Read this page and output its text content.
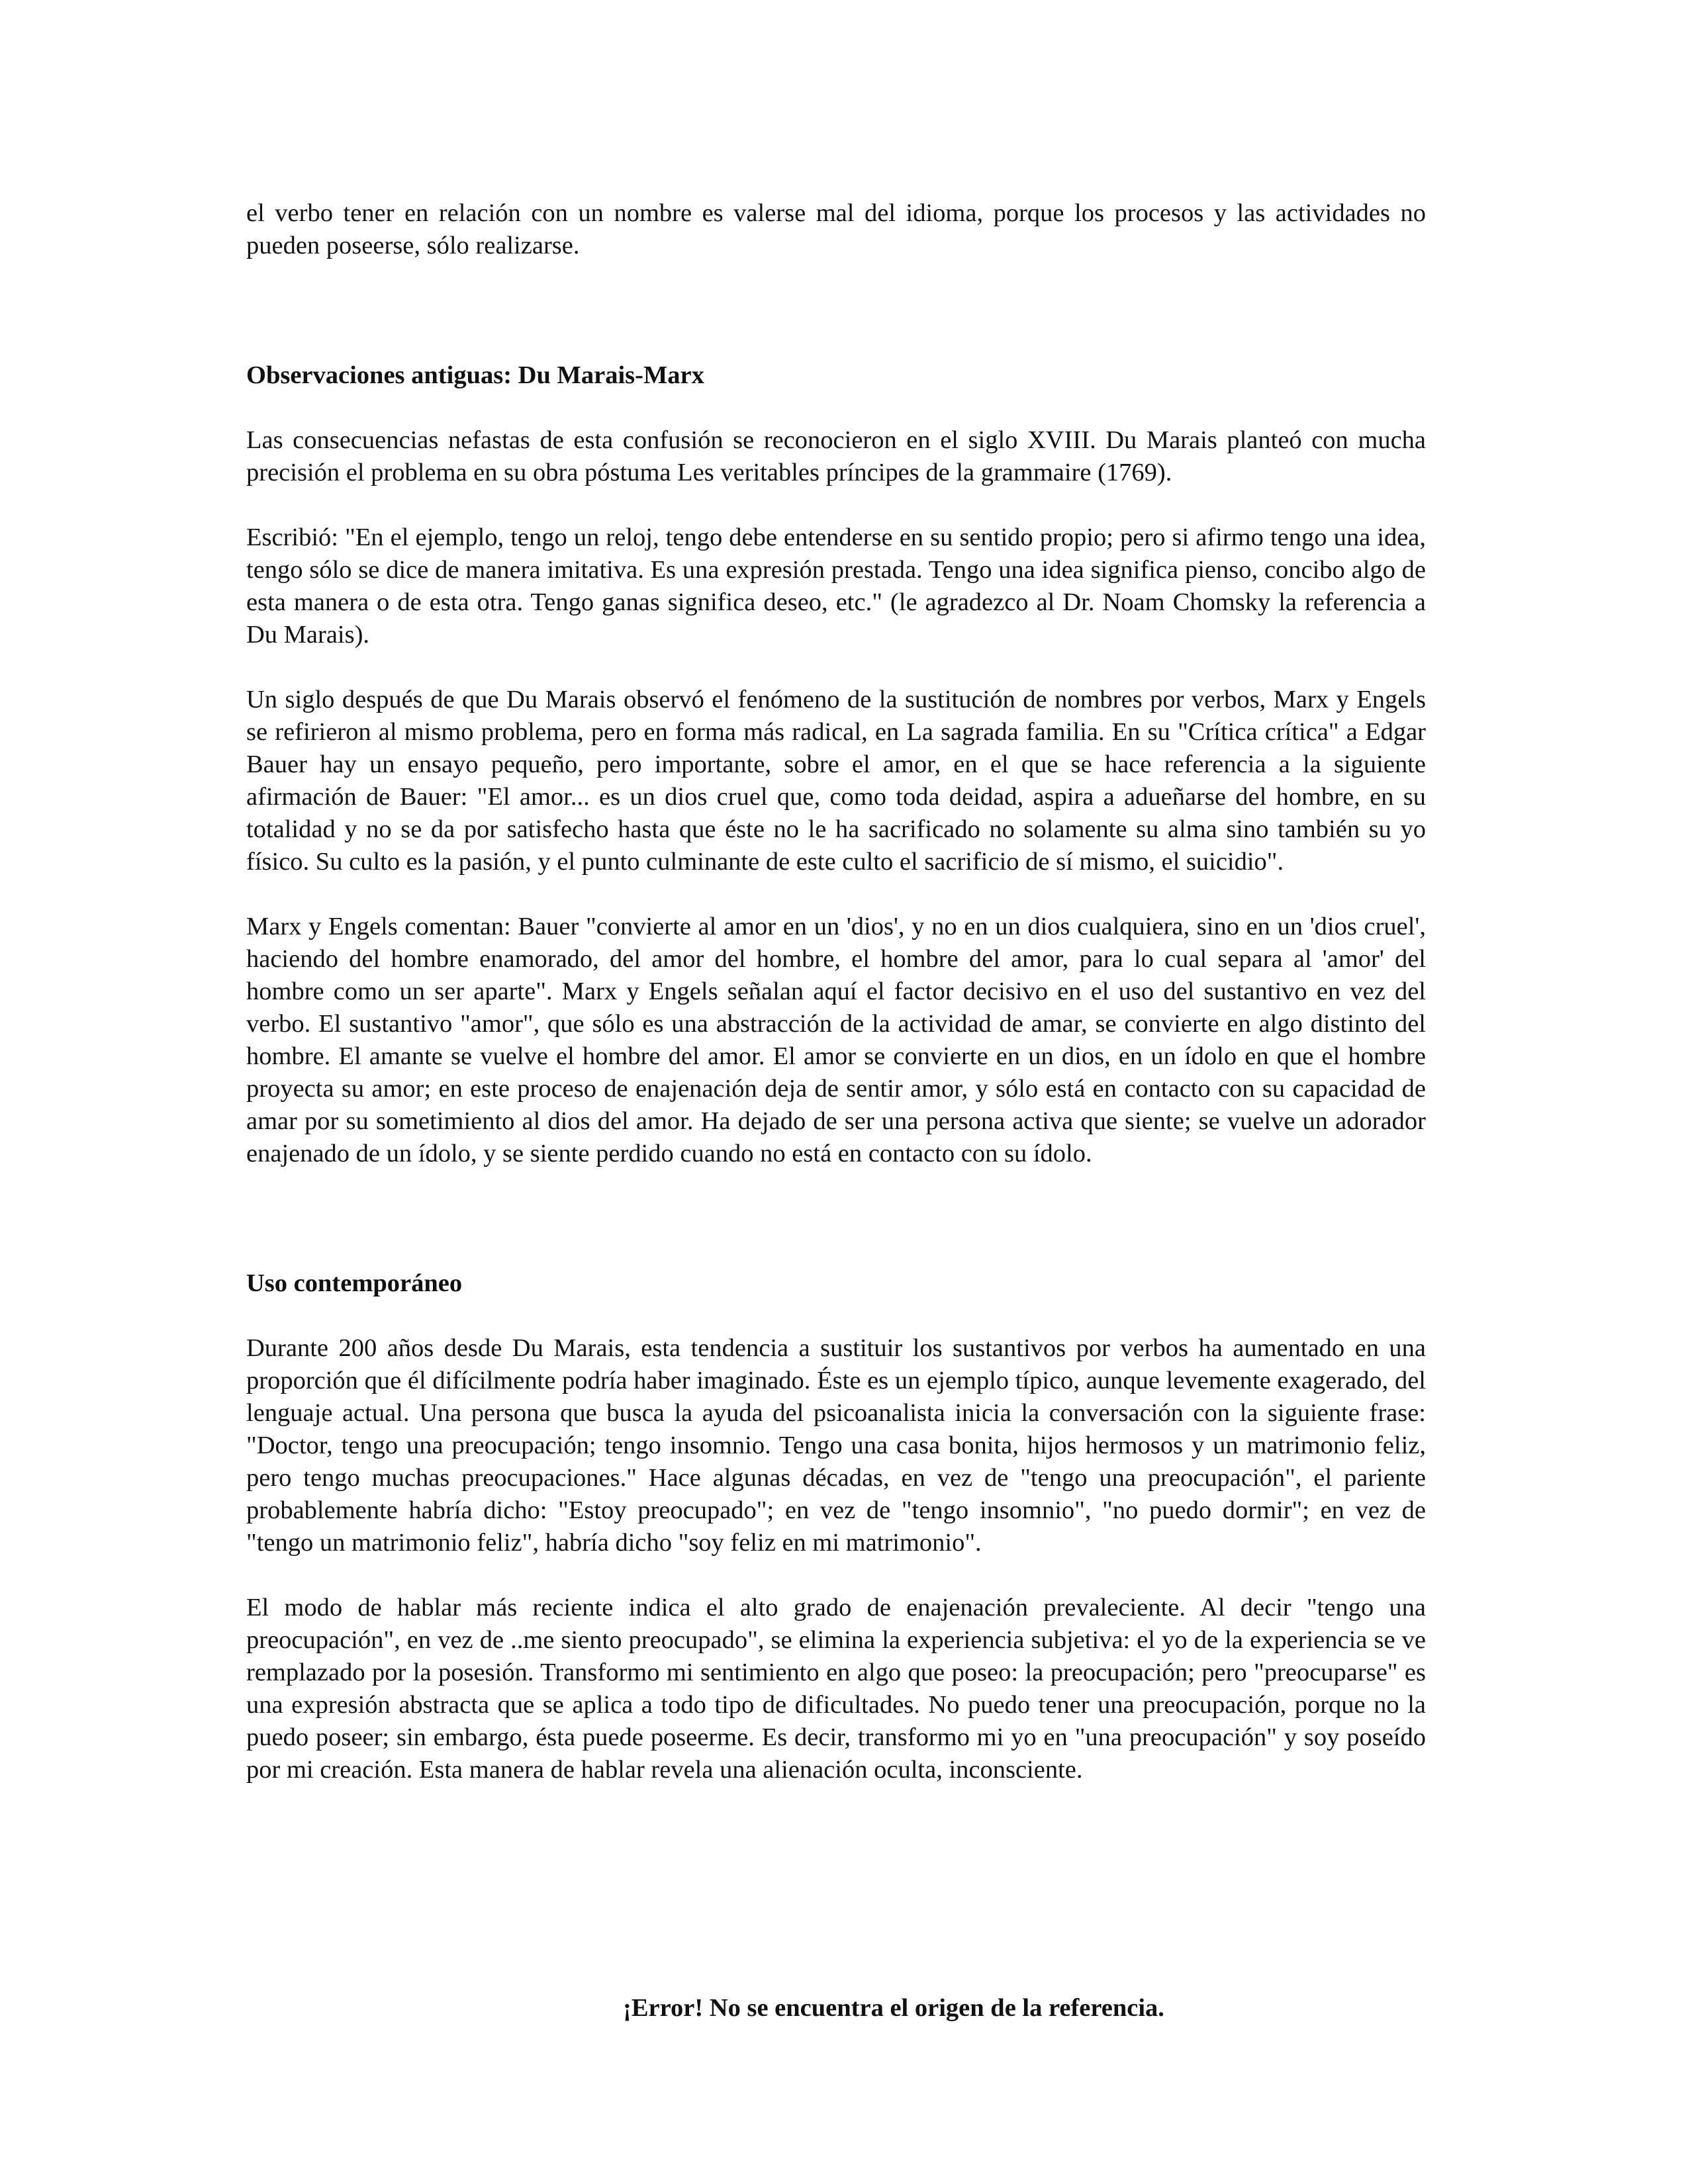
el verbo tener en relación con un nombre es valerse mal del idioma, porque los procesos y las actividades no pueden poseerse, sólo realizarse.

Observaciones antiguas: Du Marais-Marx

Las consecuencias nefastas de esta confusión se reconocieron en el siglo XVIII. Du Marais planteó con mucha precisión el problema en su obra póstuma Les veritables príncipes de la grammaire (1769).

Escribió: "En el ejemplo, tengo un reloj, tengo debe entenderse en su sentido propio; pero si afirmo tengo una idea, tengo sólo se dice de manera imitativa. Es una expresión prestada. Tengo una idea significa pienso, concibo algo de esta manera o de esta otra. Tengo ganas significa deseo, etc." (le agradezco al Dr. Noam Chomsky la referencia a Du Marais).

Un siglo después de que Du Marais observó el fenómeno de la sustitución de nombres por verbos, Marx y Engels se refirieron al mismo problema, pero en forma más radical, en La sagrada familia. En su "Crítica crítica" a Edgar Bauer hay un ensayo pequeño, pero importante, sobre el amor, en el que se hace referencia a la siguiente afirmación de Bauer: "El amor... es un dios cruel que, como toda deidad, aspira a adueñarse del hombre, en su totalidad y no se da por satisfecho hasta que éste no le ha sacrificado no solamente su alma sino también su yo físico. Su culto es la pasión, y el punto culminante de este culto el sacrificio de sí mismo, el suicidio".

Marx y Engels comentan: Bauer "convierte al amor en un 'dios', y no en un dios cualquiera, sino en un 'dios cruel', haciendo del hombre enamorado, del amor del hombre, el hombre del amor, para lo cual separa al 'amor' del hombre como un ser aparte". Marx y Engels señalan aquí el factor decisivo en el uso del sustantivo en vez del verbo. El sustantivo "amor", que sólo es una abstracción de la actividad de amar, se convierte en algo distinto del hombre. El amante se vuelve el hombre del amor. El amor se convierte en un dios, en un ídolo en que el hombre proyecta su amor; en este proceso de enajenación deja de sentir amor, y sólo está en contacto con su capacidad de amar por su sometimiento al dios del amor. Ha dejado de ser una persona activa que siente; se vuelve un adorador enajenado de un ídolo, y se siente perdido cuando no está en contacto con su ídolo.

Uso contemporáneo

Durante 200 años desde Du Marais, esta tendencia a sustituir los sustantivos por verbos ha aumentado en una proporción que él difícilmente podría haber imaginado. Éste es un ejemplo típico, aunque levemente exagerado, del lenguaje actual. Una persona que busca la ayuda del psicoanalista inicia la conversación con la siguiente frase: "Doctor, tengo una preocupación; tengo insomnio. Tengo una casa bonita, hijos hermosos y un matrimonio feliz, pero tengo muchas preocupaciones." Hace algunas décadas, en vez de "tengo una preocupación", el pariente probablemente habría dicho: "Estoy preocupado"; en vez de "tengo insomnio", "no puedo dormir"; en vez de "tengo un matrimonio feliz", habría dicho "soy feliz en mi matrimonio".

El modo de hablar más reciente indica el alto grado de enajenación prevaleciente. Al decir "tengo una preocupación", en vez de ..me siento preocupado", se elimina la experiencia subjetiva: el yo de la experiencia se ve remplazado por la posesión. Transformo mi sentimiento en algo que poseo: la preocupación; pero "preocuparse" es una expresión abstracta que se aplica a todo tipo de dificultades. No puedo tener una preocupación, porque no la puedo poseer; sin embargo, ésta puede poseerme. Es decir, transformo mi yo en "una preocupación" y soy poseído por mi creación. Esta manera de hablar revela una alienación oculta, inconsciente.

¡Error! No se encuentra el origen de la referencia.
